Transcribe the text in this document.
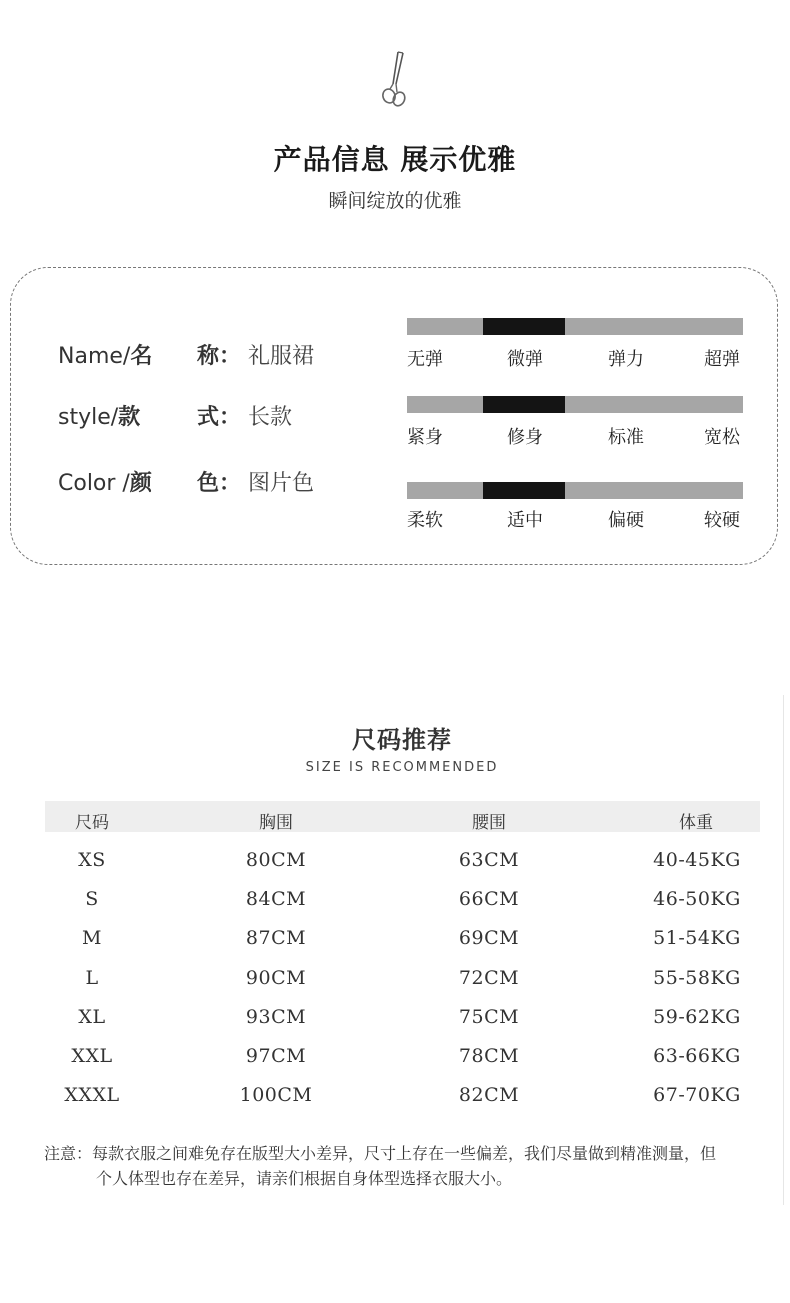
产品信息 展示优雅
瞬间绽放的优雅
Name/名 称： 礼服裙
style/款	式： 长款
Color /颜 色： 图片色
无弹	微弹	弹力	超弹
紧身	修身	标准	宽松
柔软	适中	偏硬	较硬
尺码推荐
SIZE IS RECOMMENDED
尺码	胸围	腰围	体重
XS	80CM	63CM	40-45KG
S	84CM	66CM	46-50KG
M	87CM	69CM	51-54KG
L	90CM	72CM	55-58KG
XL	93CM	75CM	59-62KG
XXL	97CM	78CM	63-66KG
XXXL	100CM	82CM	67-70KG
注意：每款衣服之间难免存在版型大小差异，尺寸上存在一些偏差，我们尽量做到精准测量，但
个人体型也存在差异，请亲们根据自身体型选择衣服大小。
